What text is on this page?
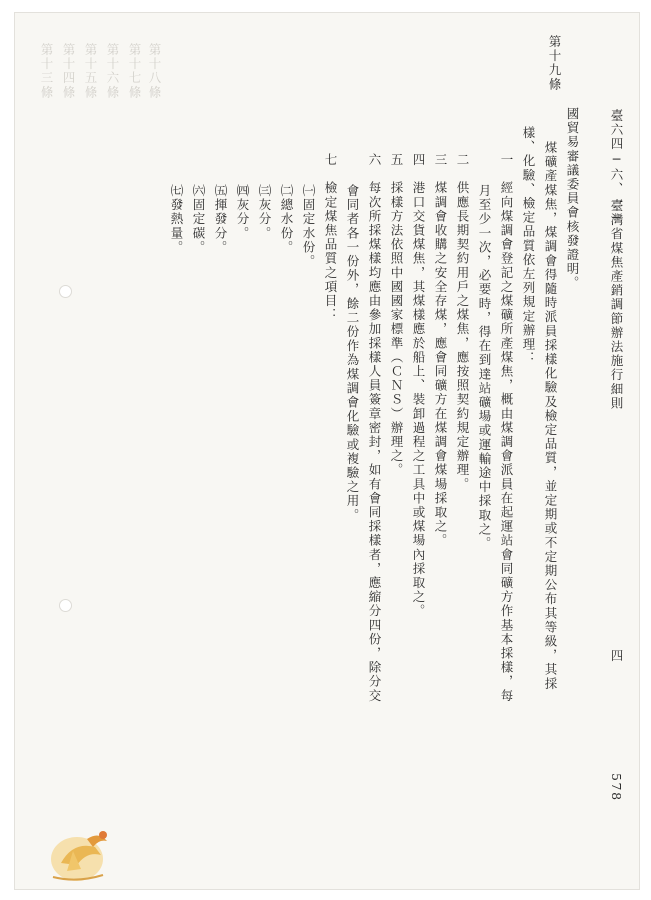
第十八條
第十七條
第十六條
第十五條
第十四條
第十三條
臺六四─六、一─
臺灣省煤焦產銷調節辦法施行細則
四
578
第十九條
國貿易審議委員會核發證明。
煤礦產煤焦，煤調會得隨時派員採樣化驗及檢定品質，並定期或不定期公布其等級，其採
樣、化驗、檢定品質依左列規定辦理：
一　經向煤調會登記之煤礦所產煤焦，概由煤調會派員在起運站會同礦方作基本採樣，每
月至少一次，必要時，得在到達站礦場或運輸途中採取之。
二　供應長期契約用戶之煤焦，應按照契約規定辦理。
三　煤調會收購之安全存煤，應會同礦方在煤調會煤場採取之。
四　港口交貨煤焦，其煤樣應於船上、裝卸過程之工具中或煤場內採取之。
五　採樣方法依照中國國家標準（ＣＮＳ）辦理之。
六　每次所採煤樣均應由參加採樣人員簽章密封，如有會同採樣者，應縮分四份，除分交
會同者各一份外，餘二份作為煤調會化驗或複驗之用。
七　檢定煤焦品質之項目：
㈠固定水份。
㈡總水份。
㈢灰分。
㈣灰分。
㈤揮發分。
㈥固定碳。
㈦發熱量。
